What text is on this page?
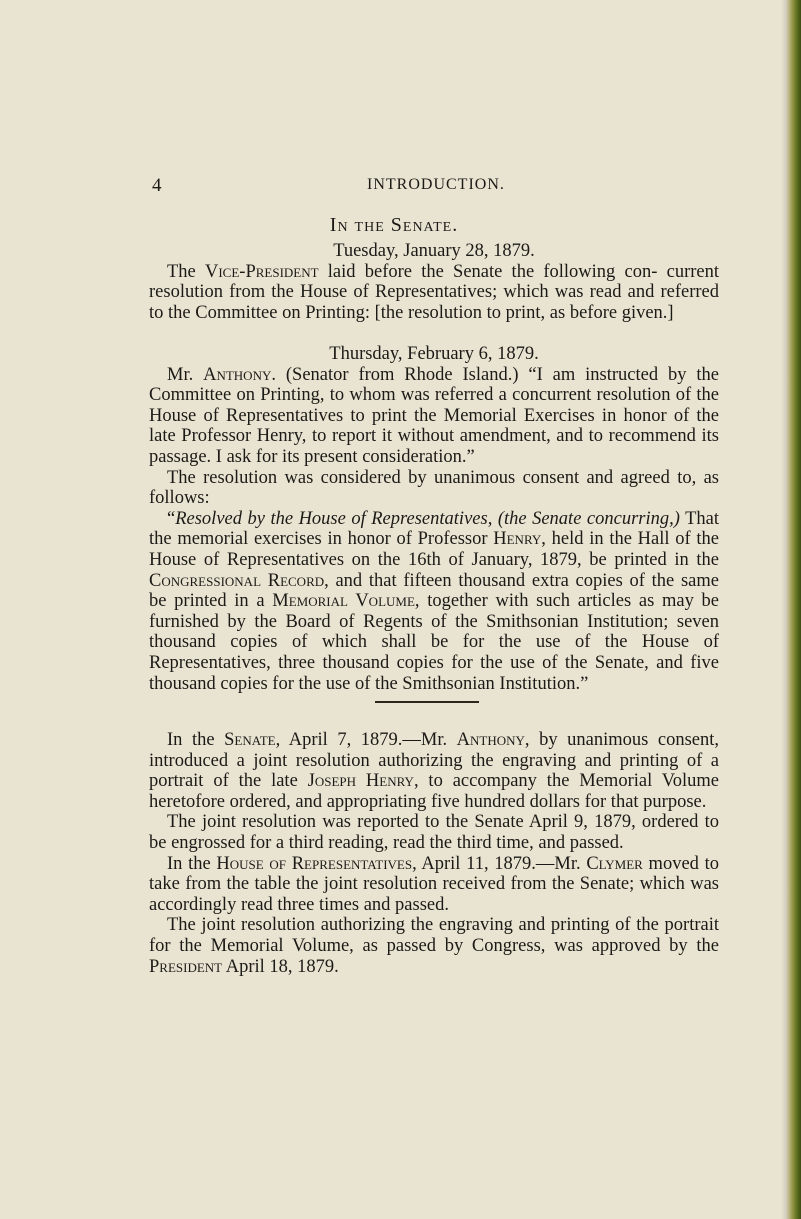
4	INTRODUCTION.
In the Senate.

Tuesday, January 28, 1879.

The Vice-President laid before the Senate the following con- current resolution from the House of Representatives; which was read and referred to the Committee on Printing: [the resolution to print, as before given.]

Thursday, February 6, 1879.

Mr. Anthony. (Senator from Rhode Island.) “I am instructed by the Committee on Printing, to whom was referred a concurrent resolution of the House of Representatives to print the Memorial Exercises in honor of the late Professor Henry, to report it without amendment, and to recommend its passage. I ask for its present consideration.”

The resolution was considered by unanimous consent and agreed to, as follows:

“Resolved by the House of Representatives, (the Senate concurring,) That the memorial exercises in honor of Professor Henry, held in the Hall of the House of Representatives on the 16th of January, 1879, be printed in the Congressional Record, and that fifteen thousand extra copies of the same be printed in a Memorial Volume, together with such articles as may be furnished by the Board of Regents of the Smithsonian Institution; seven thousand copies of which shall be for the use of the House of Representatives, three thousand copies for the use of the Senate, and five thousand copies for the use of the Smithsonian Institution.”

In the Senate, April 7, 1879.—Mr. Anthony, by unanimous consent, introduced a joint resolution authorizing the engraving and printing of a portrait of the late Joseph Henry, to accompany the Memorial Volume heretofore ordered, and appropriating five hundred dollars for that purpose.

The joint resolution was reported to the Senate April 9, 1879, ordered to be engrossed for a third reading, read the third time, and passed.

In the House of Representatives, April 11, 1879.—Mr. Clymer moved to take from the table the joint resolution received from the Senate; which was accordingly read three times and passed.

The joint resolution authorizing the engraving and printing of the portrait for the Memorial Volume, as passed by Congress, was approved by the President April 18, 1879.
